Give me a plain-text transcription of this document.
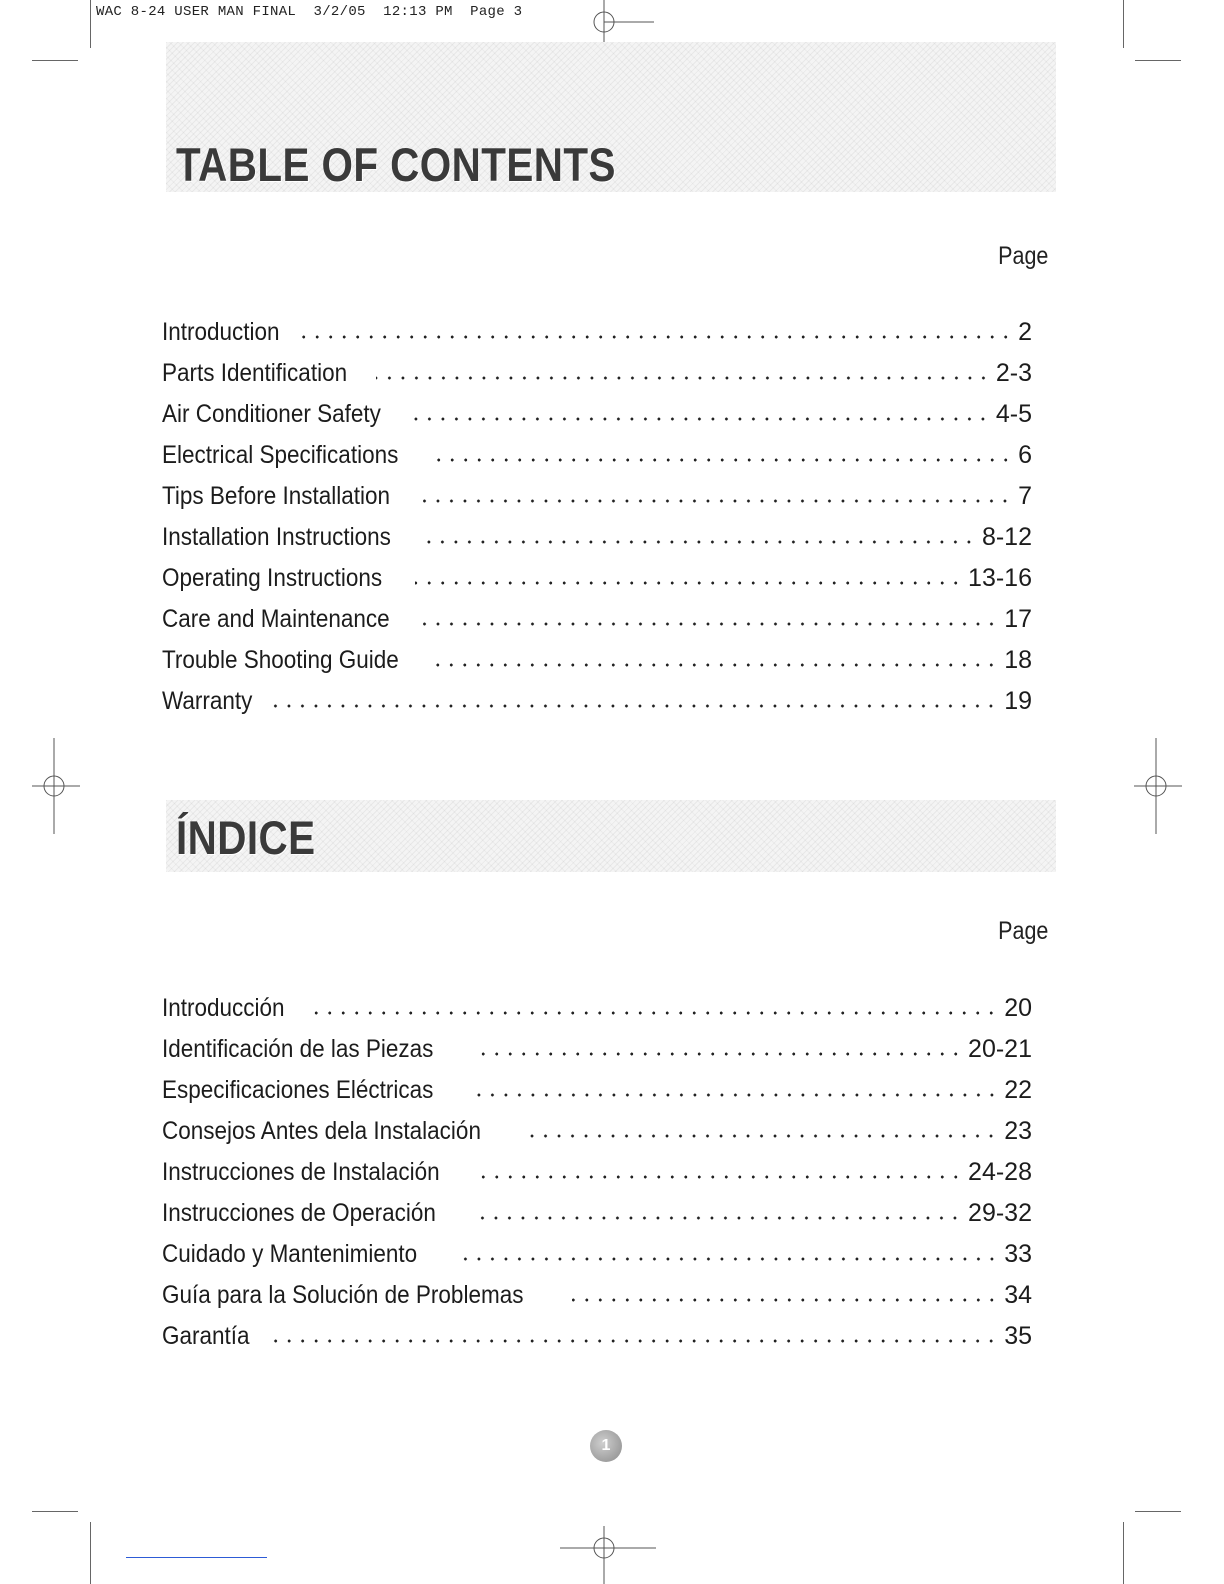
WAC 8-24 USER MAN FINAL  3/2/05  12:13 PM  Page 3
TABLE OF CONTENTS
Page
Introduction	2
Parts Identification	2-3
Air Conditioner Safety	4-5
Electrical Specifications	6
Tips Before Installation	7
Installation Instructions	8-12
Operating Instructions	13-16
Care and Maintenance	17
Trouble Shooting Guide	18
Warranty	19
ÍNDICE
Page
Introducción	20
Identificación de las Piezas	20-21
Especificaciones Eléctricas	22
Consejos Antes dela Instalación	23
Instrucciones de Instalación	24-28
Instrucciones de Operación	29-32
Cuidado y Mantenimiento	33
Guía para la Solución de Problemas	34
Garantía	35
1
